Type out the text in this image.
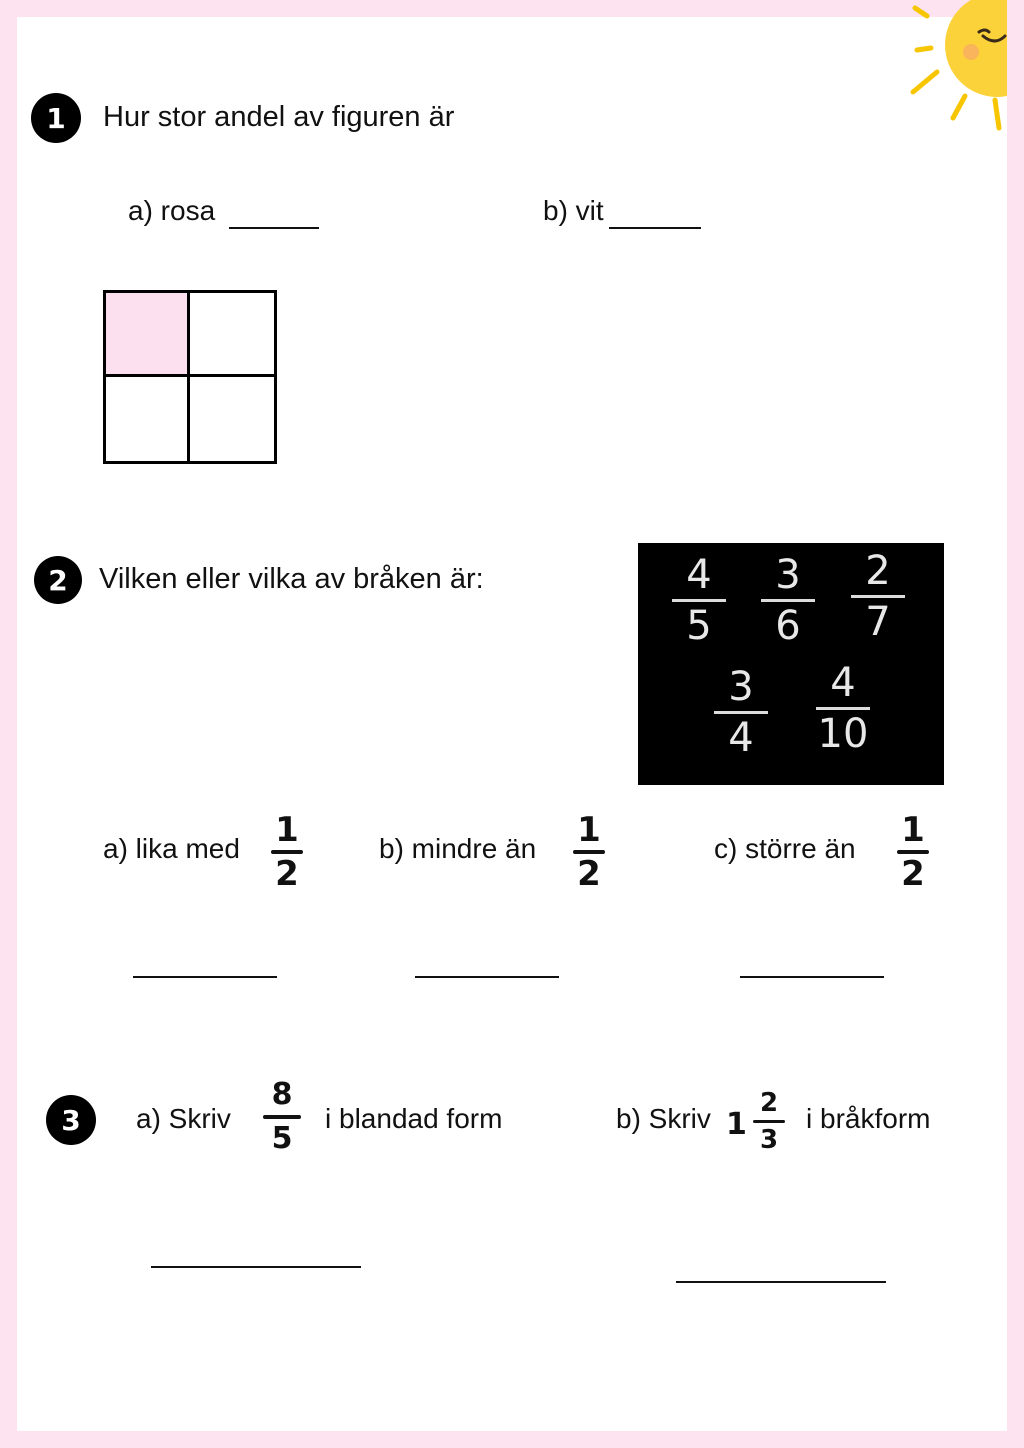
1	Hur stor andel av figuren är
a) rosa	b) vit
2	Vilken eller vilka av bråken är:	4
5
3
6
2
7
3
4
4
10
a) lika med 1
2
b) mindre än 1
2
c) större än 1
2
3	a) Skriv
8
5
i blandad form	b) Skriv 1
2
3
i bråkform
